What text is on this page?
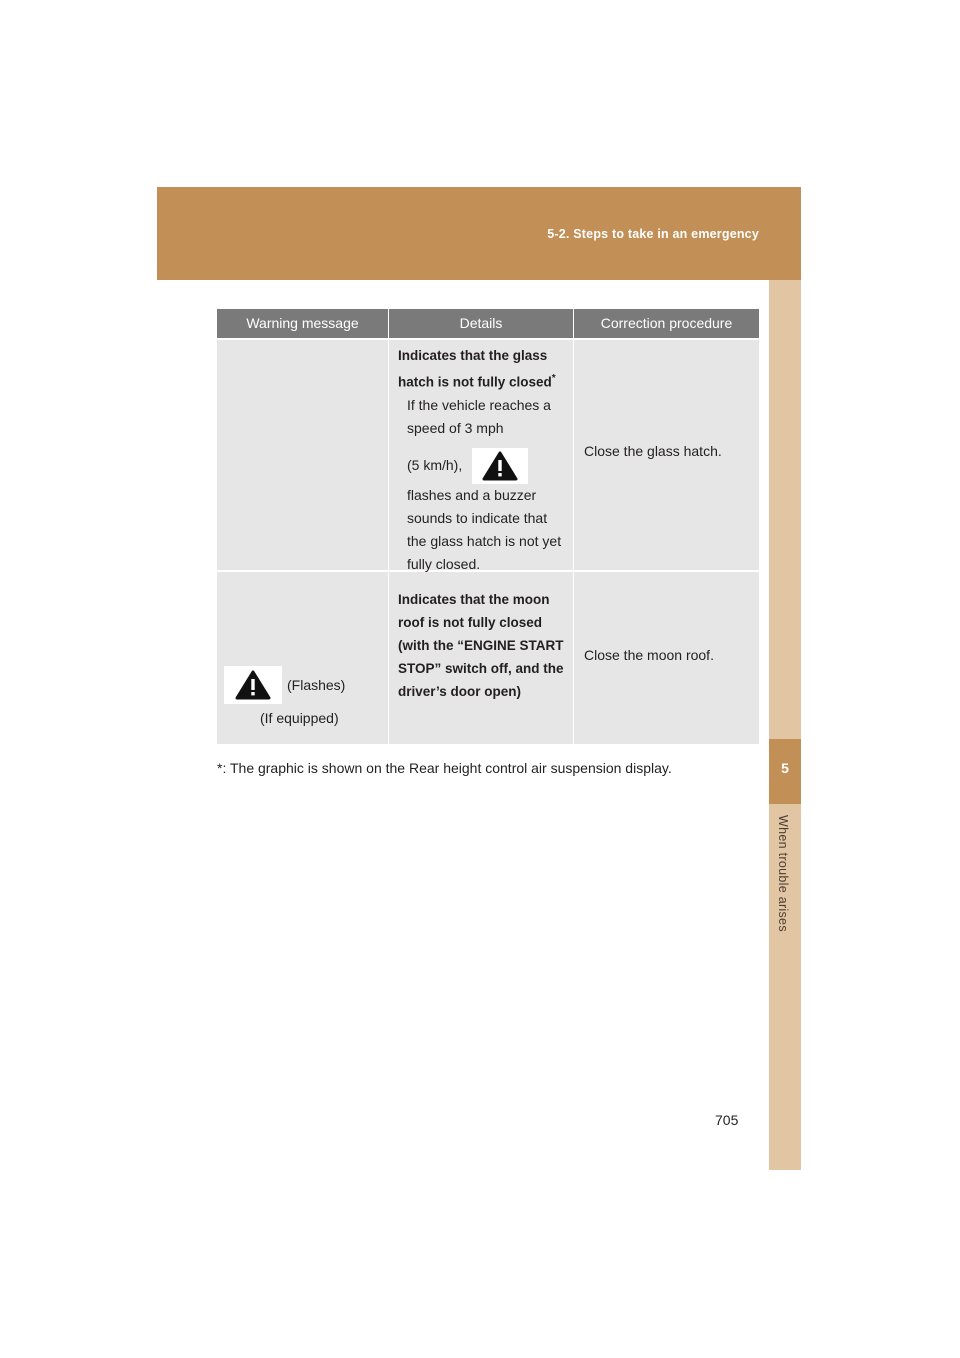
5-2. Steps to take in an emergency
5
When trouble arises
Warning message	Details	Correction procedure
Indicates that the glass hatch is not fully closed*
If the vehicle reaches a speed of 3 mph
(5 km/h),
flashes and a buzzer sounds to indicate that the glass hatch is not yet fully closed.
Close the glass hatch.
(Flashes)
(If equipped)
Indicates that the moon roof is not fully closed (with the “ENGINE START STOP” switch off, and the driver’s door open)
Close the moon roof.
*: The graphic is shown on the Rear height control air suspension display.
705
